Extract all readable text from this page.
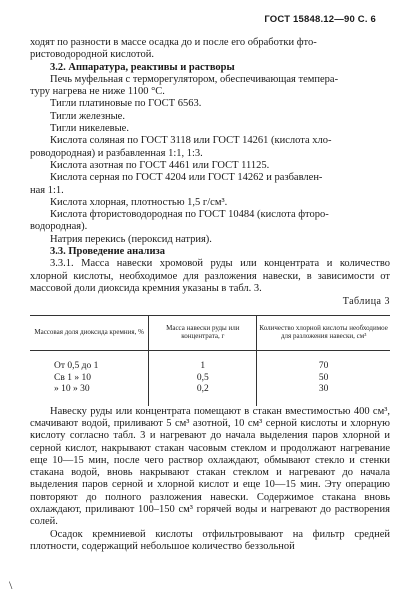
ГОСТ 15848.12—90 С. 6

ходят по разности в массе осадка до и после его обработки фто-

ристоводородной кислотой.

3.2. Аппаратура, реактивы и растворы

Печь муфельная с терморегулятором, обеспечивающая темпера-

туру нагрева не ниже 1100 °С.

Тигли платиновые по ГОСТ 6563.

Тигли железные.

Тигли никелевые.

Кислота соляная по ГОСТ 3118 или ГОСТ 14261 (кислота хло-

роводородная) и разбавленная 1:1, 1:3.

Кислота азотная по ГОСТ 4461 или ГОСТ 11125.

Кислота серная по ГОСТ 4204 или ГОСТ 14262 и разбавлен-

ная 1:1.

Кислота хлорная, плотностью 1,5 г/см³.

Кислота фтористоводородная по ГОСТ 10484 (кислота фторо-

водородная).

Натрия перекись (пероксид натрия).

3.3. Проведение анализа

3.3.1. Масса навески хромовой руды или концентрата и количество хлорной кислоты, необходимое для разложения навески, в зависимости от массовой доли диоксида кремния указаны в табл. 3.

Таблица 3
Массовая доля диоксида кремния, %	Масса навески руды или концентрата, г	Количество хлорной кислоты необходимое для разложения навески, см³
От 0,5 до 1	1	70
Св 1 » 10	0,5	50
» 10 » 30	0,2	30

Навеску руды или концентрата помещают в стакан вместимостью 400 см³, смачивают водой, приливают 5 см³ азотной, 10 см³ серной кислоты и хлорную кислоту согласно табл. 3 и нагревают до начала выделения паров хлорной и серной кислот, накрывают стакан часовым стеклом и продолжают нагревание еще 10—15 мин, после чего раствор охлаждают, обмывают стекло и стенки стакана водой, вновь накрывают стакан стеклом и нагревают до начала выделения паров серной и хлорной кислот и еще 10—15 мин. Эту операцию повторяют до полного разложения навески. Содержимое стакана вновь охлаждают, приливают 100–150 см³ горячей воды и нагревают до растворения солей.

Осадок кремниевой кислоты отфильтровывают на фильтр средней плотности, содержащий небольшое количество беззольной

\
